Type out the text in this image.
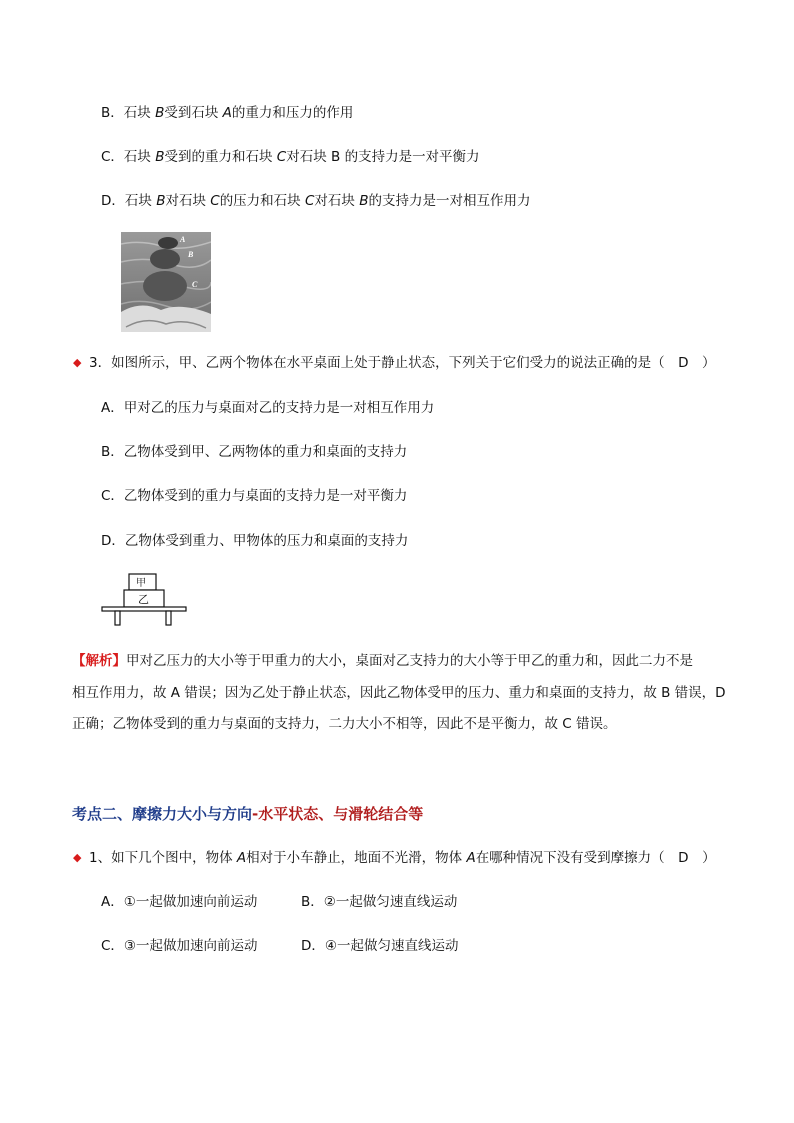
B．石块 B受到石块 A的重力和压力的作用
C．石块 B受到的重力和石块 C对石块 B 的支持力是一对平衡力
D．石块 B对石块 C的压力和石块 C对石块 B的支持力是一对相互作用力
A
B
C
◆ 3．如图所示，甲、乙两个物体在水平桌面上处于静止状态，下列关于它们受力的说法正确的是（　D　）
A．甲对乙的压力与桌面对乙的支持力是一对相互作用力
B．乙物体受到甲、乙两物体的重力和桌面的支持力
C．乙物体受到的重力与桌面的支持力是一对平衡力
D．乙物体受到重力、甲物体的压力和桌面的支持力
甲
乙
【解析】甲对乙压力的大小等于甲重力的大小，桌面对乙支持力的大小等于甲乙的重力和，因此二力不是
相互作用力，故 A 错误；因为乙处于静止状态，因此乙物体受甲的压力、重力和桌面的支持力，故 B 错误，D
正确；乙物体受到的重力与桌面的支持力，二力大小不相等，因此不是平衡力，故 C 错误。
考点二、摩擦力大小与方向-水平状态、与滑轮结合等
◆ 1、如下几个图中，物体 A相对于小车静止，地面不光滑，物体 A在哪种情况下没有受到摩擦力（　D　）
A．①一起做加速向前运动	B．②一起做匀速直线运动
C．③一起做加速向前运动	D．④一起做匀速直线运动
